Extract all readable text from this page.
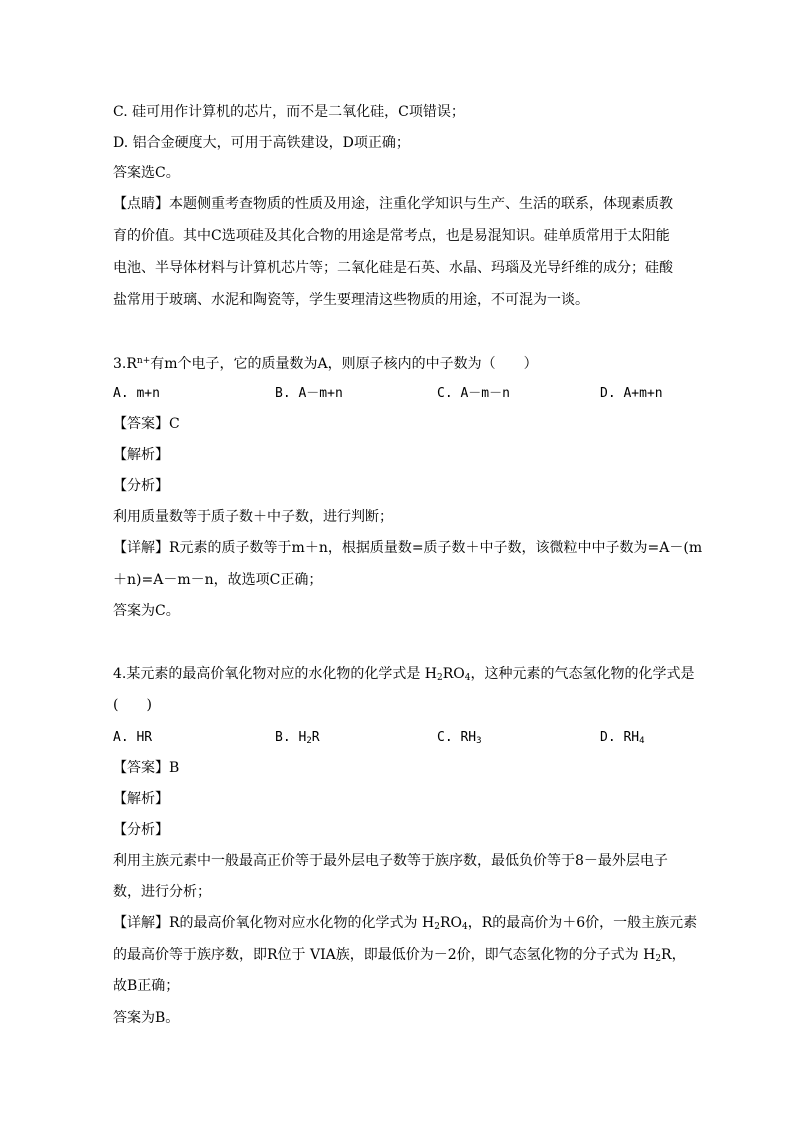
C. 硅可用作计算机的芯片，而不是二氧化硅，C项错误；
D. 铝合金硬度大，可用于高铁建设，D项正确；
答案选C。
【点睛】本题侧重考查物质的性质及用途，注重化学知识与生产、生活的联系，体现素质教
育的价值。其中C选项硅及其化合物的用途是常考点，也是易混知识。硅单质常用于太阳能
电池、半导体材料与计算机芯片等；二氧化硅是石英、水晶、玛瑙及光导纤维的成分；硅酸
盐常用于玻璃、水泥和陶瓷等，学生要理清这些物质的用途，不可混为一谈。
$3.R^{n+}$有m个电子，它的质量数为A，则原子核内的中子数为（　　）
A. m+n	B. A－m+n	C. A－m－n	D. A+m+n
【答案】C
【解析】
【分析】
利用质量数等于质子数＋中子数，进行判断；
【详解】R元素的质子数等于m＋n，根据质量数=质子数＋中子数，该微粒中中子数为=A－(m
＋n)=A－m－n，故选项C正确；
答案为C。
4.某元素的最高价氧化物对应的水化物的化学式是 H2RO4，这种元素的气态氢化物的化学式是
(　　)
A. HR	B. H2R	C. RH3	D. RH4
【答案】B
【解析】
【分析】
利用主族元素中一般最高正价等于最外层电子数等于族序数，最低负价等于8－最外层电子
数，进行分析；
【详解】R的最高价氧化物对应水化物的化学式为 H2RO4，R的最高价为＋6价，一般主族元素
的最高价等于族序数，即R位于 VIA族，即最低价为－2价，即气态氢化物的分子式为 H2R，
故B正确；
答案为B。
